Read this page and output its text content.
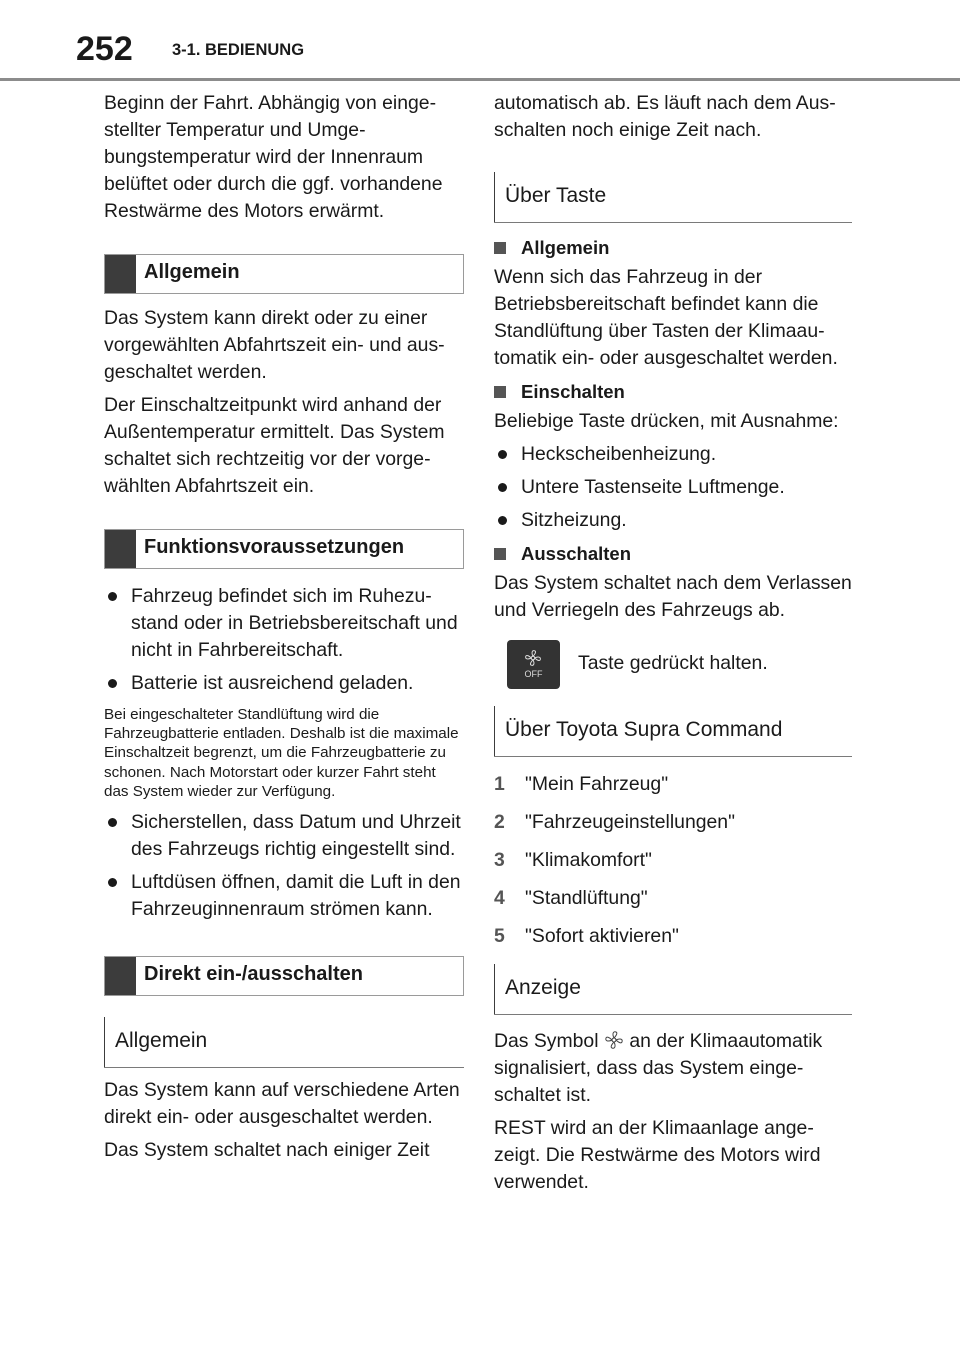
252 3-1. BEDIENUNG

Beginn der Fahrt. Abhängig von eingestellter Temperatur und Umgebungstemperatur wird der Innenraum belüftet oder durch die ggf. vorhandene Restwärme des Motors erwärmt.

Allgemein

Das System kann direkt oder zu einer vorgewählten Abfahrtszeit ein- und ausgeschaltet werden.

Der Einschaltzeitpunkt wird anhand der Außentemperatur ermittelt. Das System schaltet sich rechtzeitig vor der vorgewählten Abfahrtszeit ein.

Funktionsvoraussetzungen
Fahrzeug befindet sich im Ruhezustand oder in Betriebsbereitschaft und nicht in Fahrbereitschaft.
Batterie ist ausreichend geladen.

Bei eingeschalteter Standlüftung wird die Fahrzeugbatterie entladen. Deshalb ist die maximale Einschaltzeit begrenzt, um die Fahrzeugbatterie zu schonen. Nach Motorstart oder kurzer Fahrt steht das System wieder zur Verfügung.

Sicherstellen, dass Datum und Uhrzeit des Fahrzeugs richtig eingestellt sind.
Luftdüsen öffnen, damit die Luft in den Fahrzeuginnenraum strömen kann.
Direkt ein-/ausschalten
Allgemein

Das System kann auf verschiedene Arten direkt ein- oder ausgeschaltet werden.

Das System schaltet nach einiger Zeit

automatisch ab. Es läuft nach dem Ausschalten noch einige Zeit nach.

Über Taste
Allgemein

Wenn sich das Fahrzeug in der Betriebsbereitschaft befindet kann die Standlüftung über Tasten der Klimaautomatik ein- oder ausgeschaltet werden.

Einschalten

Beliebige Taste drücken, mit Ausnahme:

Heckscheibenheizung.
Untere Tastenseite Luftmenge.
Sitzheizung.
Ausschalten

Das System schaltet nach dem Verlassen und Verriegeln des Fahrzeugs ab.

OFF	Taste gedrückt halten.
Über Toyota Supra Command
1 "Mein Fahrzeug"
2 "Fahrzeugeinstellungen"
3 "Klimakomfort"
4 "Standlüftung"
5 "Sofort aktivieren"
Anzeige

Das Symbol an der Klimaautomatik signalisiert, dass das System eingeschaltet ist.

REST wird an der Klimaanlage angezeigt. Die Restwärme des Motors wird verwendet.
